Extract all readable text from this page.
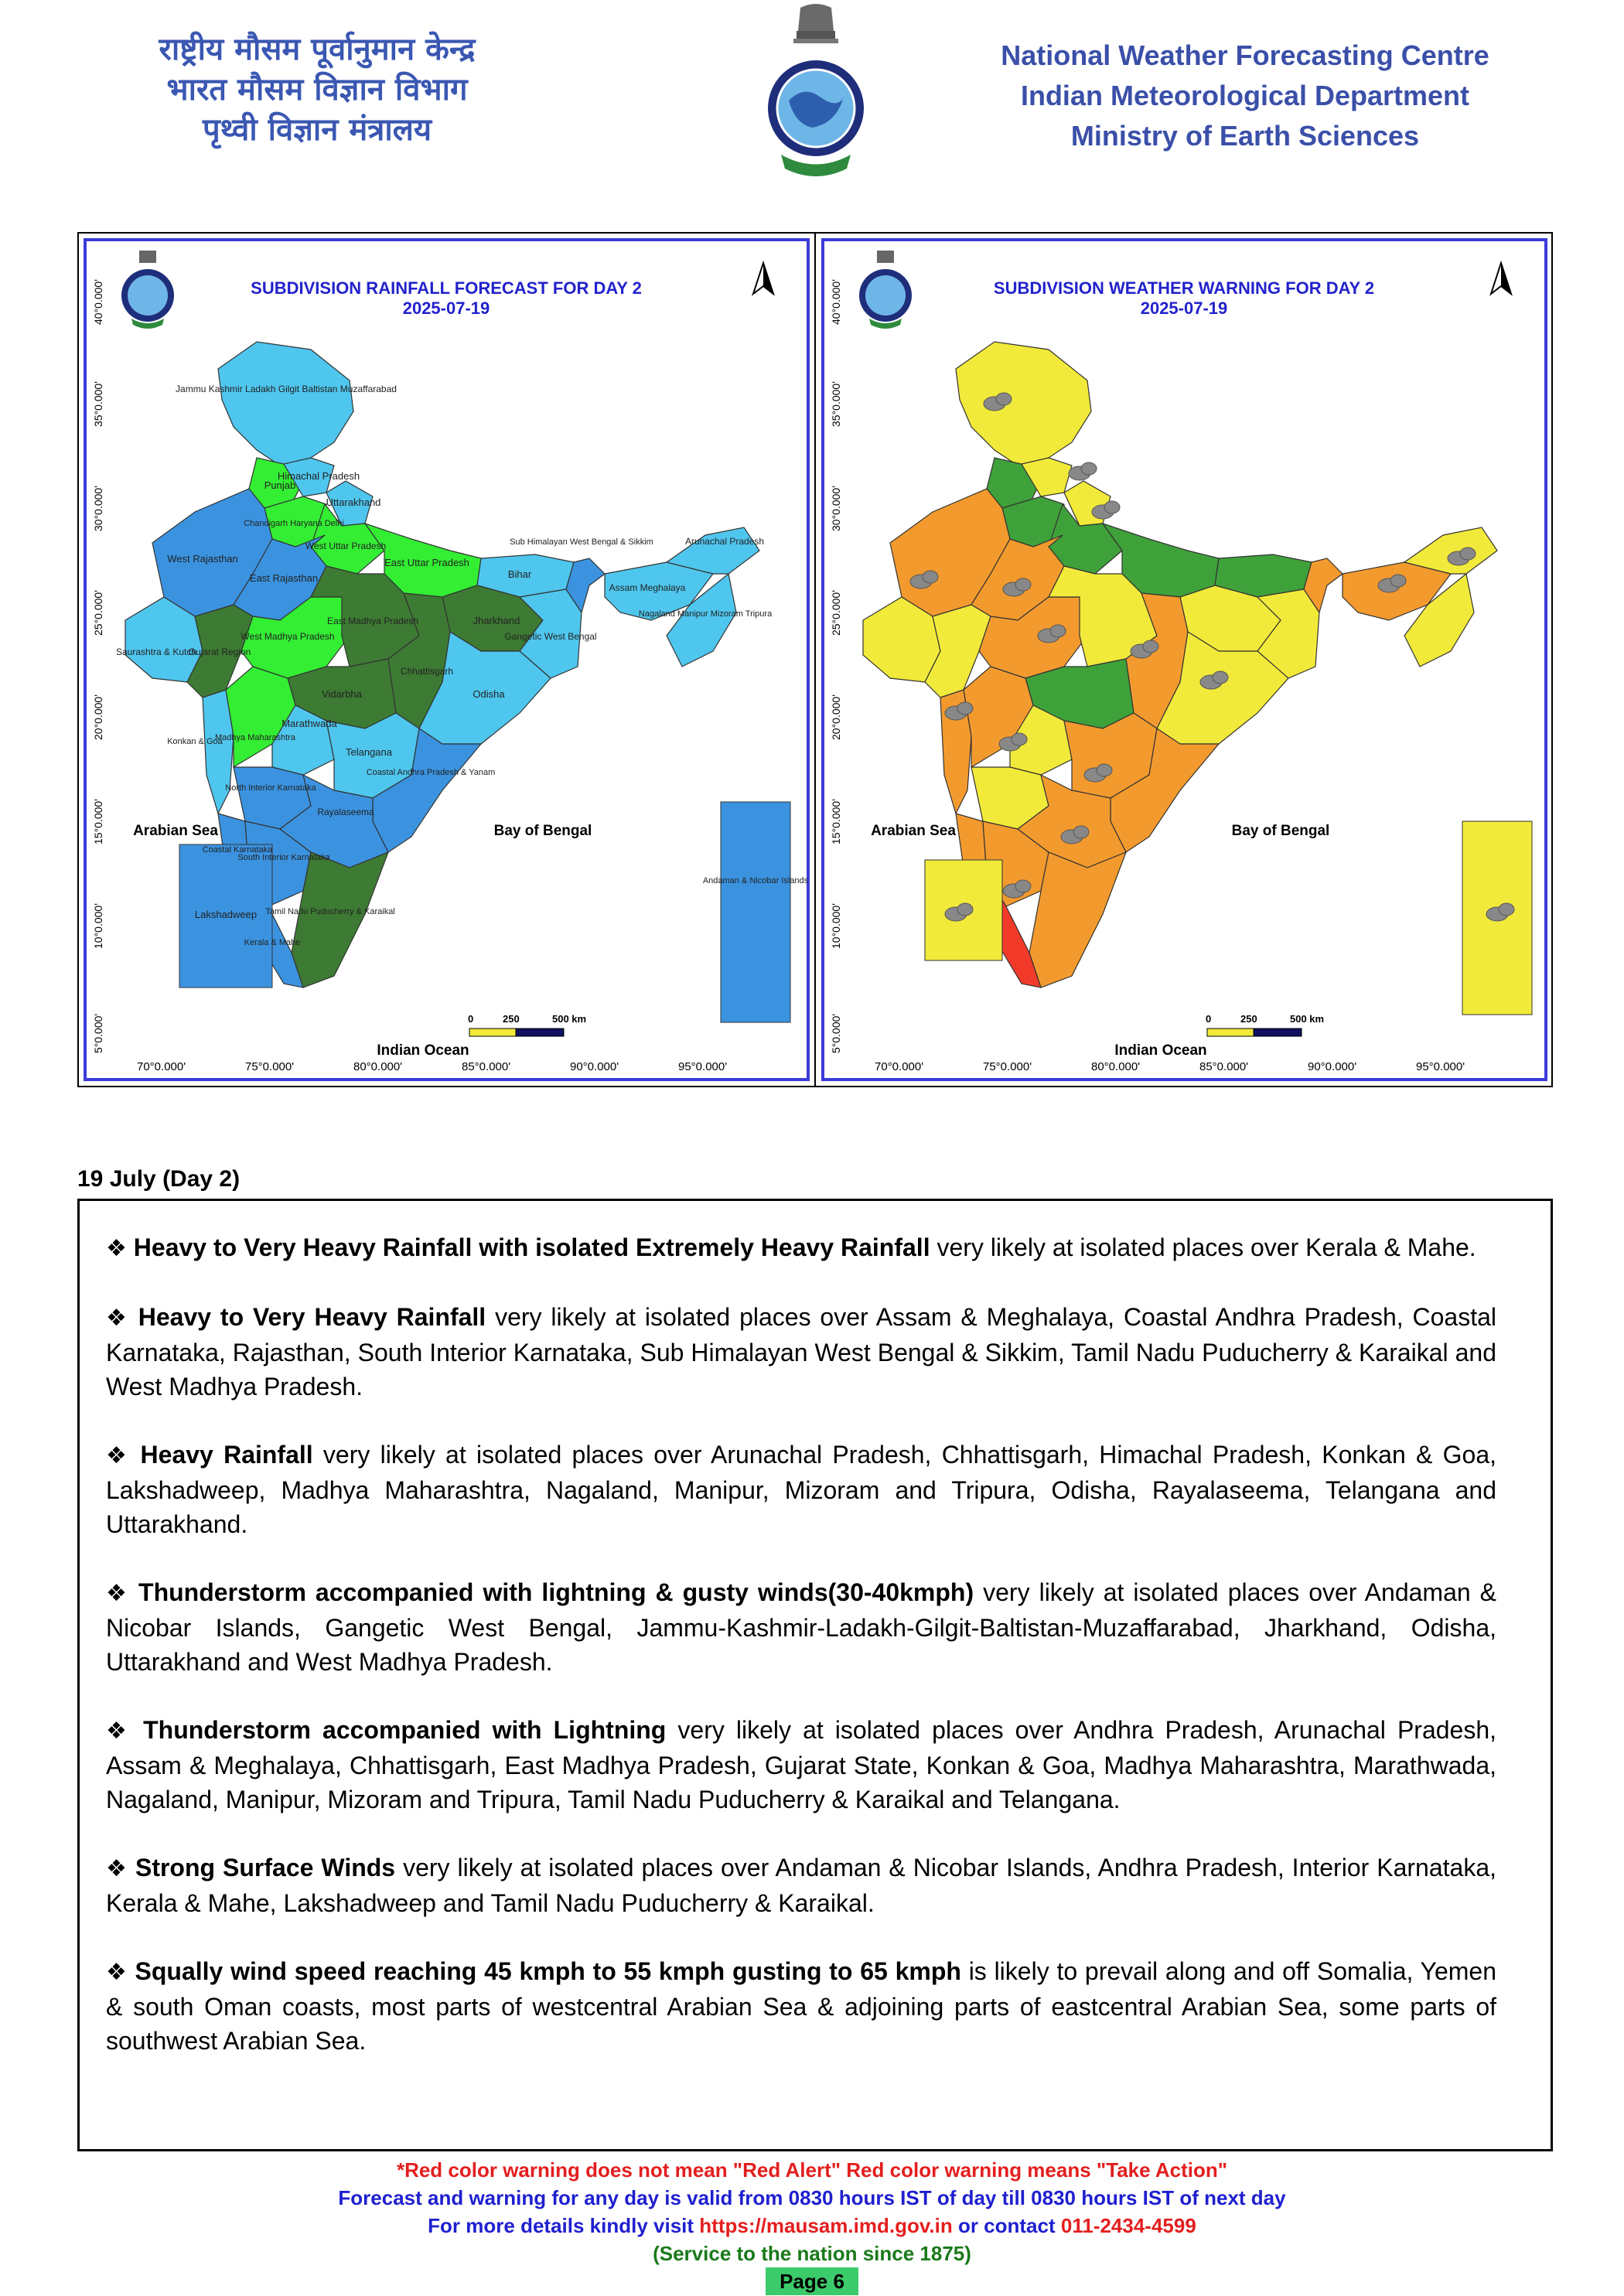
राष्ट्रीय मौसम पूर्वानुमान केन्द्र
भारत मौसम विज्ञान विभाग
पृथ्वी विज्ञान मंत्रालय
National Weather Forecasting Centre
Indian Meteorological Department
Ministry of Earth Sciences
40°0.000'
35°0.000'
30°0.000'
25°0.000'
20°0.000'
15°0.000'
10°0.000'
5°0.000'
70°0.000'	75°0.000'	80°0.000'	85°0.000'	90°0.000'	95°0.000'
SUBDIVISION RAINFALL FORECAST FOR DAY 2
2025-07-19
Arabian Sea	Bay of Bengal
Indian Ocean
0	250	500 km
Jammu Kashmir Ladakh Gilgit Baltistan Muzaffarabad
Himachal Pradesh
Punjab
Uttarakhand
Chandigarh Haryana Delhi
West Uttar Pradesh
West Rajasthan
East Rajasthan
East Uttar Pradesh
Bihar
Sub Himalayan West Bengal & Sikkim	Arunachal Pradesh
Assam Meghalaya
Nagaland Manipur Mizoram Tripura
Gujarat Region
Saurashtra & Kutch
West Madhya Pradesh
East Madhya Pradesh	Jharkhand
Gangetic West Bengal
Chhattisgarh
Vidarbha	Odisha
Konkan & Goa
Madhya Maharashtra
Marathwada
Telangana
North Interior Karnataka
Coastal Andhra Pradesh & Yanam
Coastal Karnataka
South Interior Karnataka
Rayalaseema
Tamil Nadu Puducherry & Karaikal
Kerala & Mahe
Lakshadweep
Andaman & Nicobar Islands
40°0.000'
35°0.000'
30°0.000'
25°0.000'
20°0.000'
15°0.000'
10°0.000'
5°0.000'
70°0.000'	75°0.000'	80°0.000'	85°0.000'	90°0.000'	95°0.000'
SUBDIVISION WEATHER WARNING FOR DAY 2
2025-07-19
Arabian Sea	Bay of Bengal
Indian Ocean
0	250	500 km
19 July (Day 2)

❖ Heavy to Very Heavy Rainfall with isolated Extremely Heavy Rainfall very likely at isolated places over Kerala & Mahe.

❖ Heavy to Very Heavy Rainfall very likely at isolated places over Assam & Meghalaya, Coastal Andhra Pradesh, Coastal Karnataka, Rajasthan, South Interior Karnataka, Sub Himalayan West Bengal & Sikkim, Tamil Nadu Puducherry & Karaikal and West Madhya Pradesh.

❖ Heavy Rainfall very likely at isolated places over Arunachal Pradesh, Chhattisgarh, Himachal Pradesh, Konkan & Goa, Lakshadweep, Madhya Maharashtra, Nagaland, Manipur, Mizoram and Tripura, Odisha, Rayalaseema, Telangana and Uttarakhand.

❖ Thunderstorm accompanied with lightning & gusty winds(30-40kmph) very likely at isolated places over Andaman & Nicobar Islands, Gangetic West Bengal, Jammu-Kashmir-Ladakh-Gilgit-Baltistan-Muzaffarabad, Jharkhand, Odisha, Uttarakhand and West Madhya Pradesh.

❖ Thunderstorm accompanied with Lightning very likely at isolated places over Andhra Pradesh, Arunachal Pradesh, Assam & Meghalaya, Chhattisgarh, East Madhya Pradesh, Gujarat State, Konkan & Goa, Madhya Maharashtra, Marathwada, Nagaland, Manipur, Mizoram and Tripura, Tamil Nadu Puducherry & Karaikal and Telangana.

❖ Strong Surface Winds very likely at isolated places over Andaman & Nicobar Islands, Andhra Pradesh, Interior Karnataka, Kerala & Mahe, Lakshadweep and Tamil Nadu Puducherry & Karaikal.

❖ Squally wind speed reaching 45 kmph to 55 kmph gusting to 65 kmph is likely to prevail along and off Somalia, Yemen & south Oman coasts, most parts of westcentral Arabian Sea & adjoining parts of eastcentral Arabian Sea, some parts of southwest Arabian Sea.

*Red color warning does not mean "Red Alert" Red color warning means "Take Action"
Forecast and warning for any day is valid from 0830 hours IST of day till 0830 hours IST of next day
For more details kindly visit https://mausam.imd.gov.in or contact 011-2434-4599
(Service to the nation since 1875)
Page 6
